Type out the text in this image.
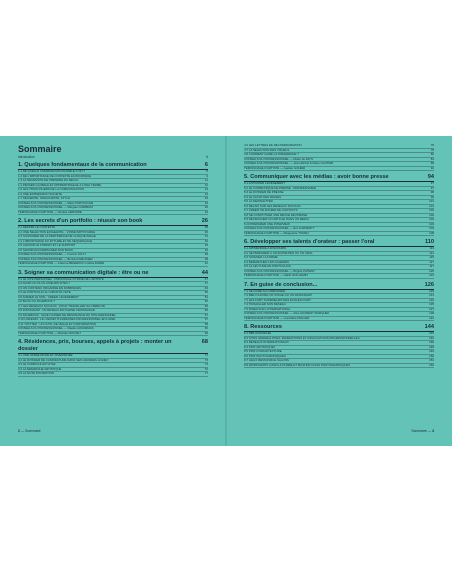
Sommaire
Introduction	6
1. Quelques fondamentaux de la communication	6
1.1 DE QUELLE COMMUNICATION PARLE-T-ON ?	8
1.2 DE L'IMPORTANCE DE CONTEXTE ÉCONOMIQUE	9
1.3 LA NÉCESSITÉ DE PRENDRE DU RECUL	11
1.4 PENSER GLOBALE ET APPRENTISSAGE À LONG TERME	12
1.5 LES TROIS PILIERS DE LA COMMUNICATION	13
1.6 UNE EXPRESSION SOCIÉTÉ	14
1.7 SINCÉRITÉ, SINGULARITÉ, STYLE	15
CONSEILS DU PROFESSIONNEL — Marie PARTOUCHE	16
CONSEILS DU PROFESSIONNEL — Margaux DARBRAS	20
TÉMOIGNAGE D'ARTISTE — Nicolas LEBORRE	24
2. Les secrets d'un portfolio : réussir son book	26
2.1 DÉFINIR LE CONTEXTE	28
2.2 UNE SÉLECTION EXIGEANTE... VOIRE IMPITOYABLE	30
2.3 S'ASSURER DE LA PERTINENCE DE CHAQUE IMAGE	31
2.4 L'IMPORTANCE DU RYTHME ET DE SÉQUENÇAGE	32
2.5 CHOISIR LE FORMAT ET LE SUPPORT	33
2.6 SAVOIR ACCOMPAGNER SON BOOK	34
CONSEILS DU PROFESSIONNEL — Francis JOLLY	35
CONSEILS DU PROFESSIONNEL — Bertrand MEUNIER	38
TÉMOIGNAGE D'ARTISTE — Julienne BENEDICO et Elsa FARRE	42
3. Soigner sa communication digitale : être ou ne	44
3.1 LE SITE PERSONNEL : PRINCIPALE VITRINE DE L'ARTISTE	47
3.2 AVOIR UN OU PLUSIEURS SITES ?	47
3.3 UN CONTENU ORGANISÉ EN RUBRIQUES	49
3.4 LE PORTFOLIO AU CŒUR DU SITE	50
3.5 ANIMER LE SITE : CRÉER L'ÉVÉNEMENT	51
3.6 BLOG OU FACEBOOK ?	52
3.7 LES RÉSEAUX SOCIAUX : POUR TRAVAILLER SA VISIBILITÉ	56
3.8 INSTAGRAM : UN RÉSEAU EN PLEINE CROISSANCE	56
3.9 FACEBOOK : SAVE CASSER DE RÉSONANCE DU SITE PERSONNEL	57
3.10 LINKEDIN : LE CARNET D'ADRESSES PROFESSIONNEL EN LIGNE	57
3.11 TWITTER : UN OUTIL DE VEILLE ET D'INFORMATION	58
CONSEILS DU PROFESSIONNEL — Maelle GOUDEMAS	60
TÉMOIGNAGE D'ARTISTE — Mélodie MOUSET	66
4. Résidences, prix, bourses, appels à projets : monter un dossier
68
4.1 UNE OFFRE RICHE ET DIVERSIFIÉE	71
4.2 LE DOSSIER DE CANDIDATURE DANS SES GRANDES LIGNES	73
4.3 LE CURRICULUM VITAE	74
4.4 LA DÉMARCHE ARTISTIQUE	76
4.5 LA NOTE D'INTENTION	77
4.6 LES LETTRES DE RECOMMANDATION	78
4.7 LA SÉLECTION DES VISUELS	78
4.8 COMMENT FAIRE LA DIFFÉRENCE ?	80
CONSEILS DU PROFESSIONNEL — Didier de FAYS	84
CONSEILS DU PROFESSIONNEL — Jean-Michel & Marie GAUTIER	88
TÉMOIGNAGE D'ARTISTE — Gaëtan GOHIER	92
5. Communiquer avec les médias : avoir bonne presse	94
5.1 ANTICIPER L'ÉVÉNEMENT	97
5.2 LE COMMUNIQUÉ DE PRESSE : INDISPENSABLE	97
5.3 LE DOSSIER DE PRESSE	98
5.4 LE CHOIX DES IMAGES	99
5.5 LA NEWSLETTER	101
5.6 RELAIS SUR LES RÉSEAUX SOCIAUX	101
5.7 CRÉER UN FICHIER DE CONTACTS	102
5.8 SE CONSTITUER UNE REVUE DE PRESSE	102
5.9 DÉCROCHER UN ARTICLE DANS UN MÉDIA	103
5.10 PRÉPARER UNE INTERVIEW	103
CONSEILS DU PROFESSIONNEL — Eric KARSENTY	104
TÉMOIGNAGE D'ARTISTE — Marguerite TOMAN	108
6. Développer ses talents d'orateur : passer l'oral	110
6.1 APPRENDRE À DISCOURIR	113
6.2 SE PRÉPARER À UN ENTRETIEN OU UN ORAL	114
6.3 SOIGNER LA FORME	115
6.4 DÉMARCHER LES GALERIES	117
6.5 LA LECTURE DE PORTFOLIOS	117
CONSEILS DU PROFESSIONNEL — Brigitte PATIENT	120
TÉMOIGNAGE D'ARTISTE — Habib GUILLEMIN	124
7. En guise de conclusion...	126
7.1 SE FAIRE ACCOMPAGNER	129
7.2 BIEN CHOISIR UN STAGE OU UN WORKSHOP	131
7.3 LES FORT SUPÉRIEURS DES ÉCOLES D'ART	134
7.4 TRAVAILLER SON RÉSEAU	135
7.5 RISER SUR L'INTERNATIONAL	137
CONSEILS DU PROFESSIONNEL — Alice ASURENT MARQUER	138
TÉMOIGNAGE D'ARTISTE — Léa-Marie MULLER	142
8. Ressources	144
8.1 BIBLIOGRAPHIE	146
8.2 SITES GÉNÉRALISTES, FÉDÉRATIONS ET ASSOCIATIONS PROFESSIONNELLES	146
8.3 RÉSEAUX INTERNATIONAUX	148
8.4 PRIX ARTISTIQUES	148
8.5 PRIX D'ARCHITECTURE	149
8.6 PRIX PHOTOGRAPHIQUES	150
8.7 LIEUX RESSOURCE SALONS	151
8.8 WORKSHOPS LONGS & DURÉE ET MASTER CLASS PHOTOGRAPHIQUES	152
2 — Sommaire	Sommaire — 3
